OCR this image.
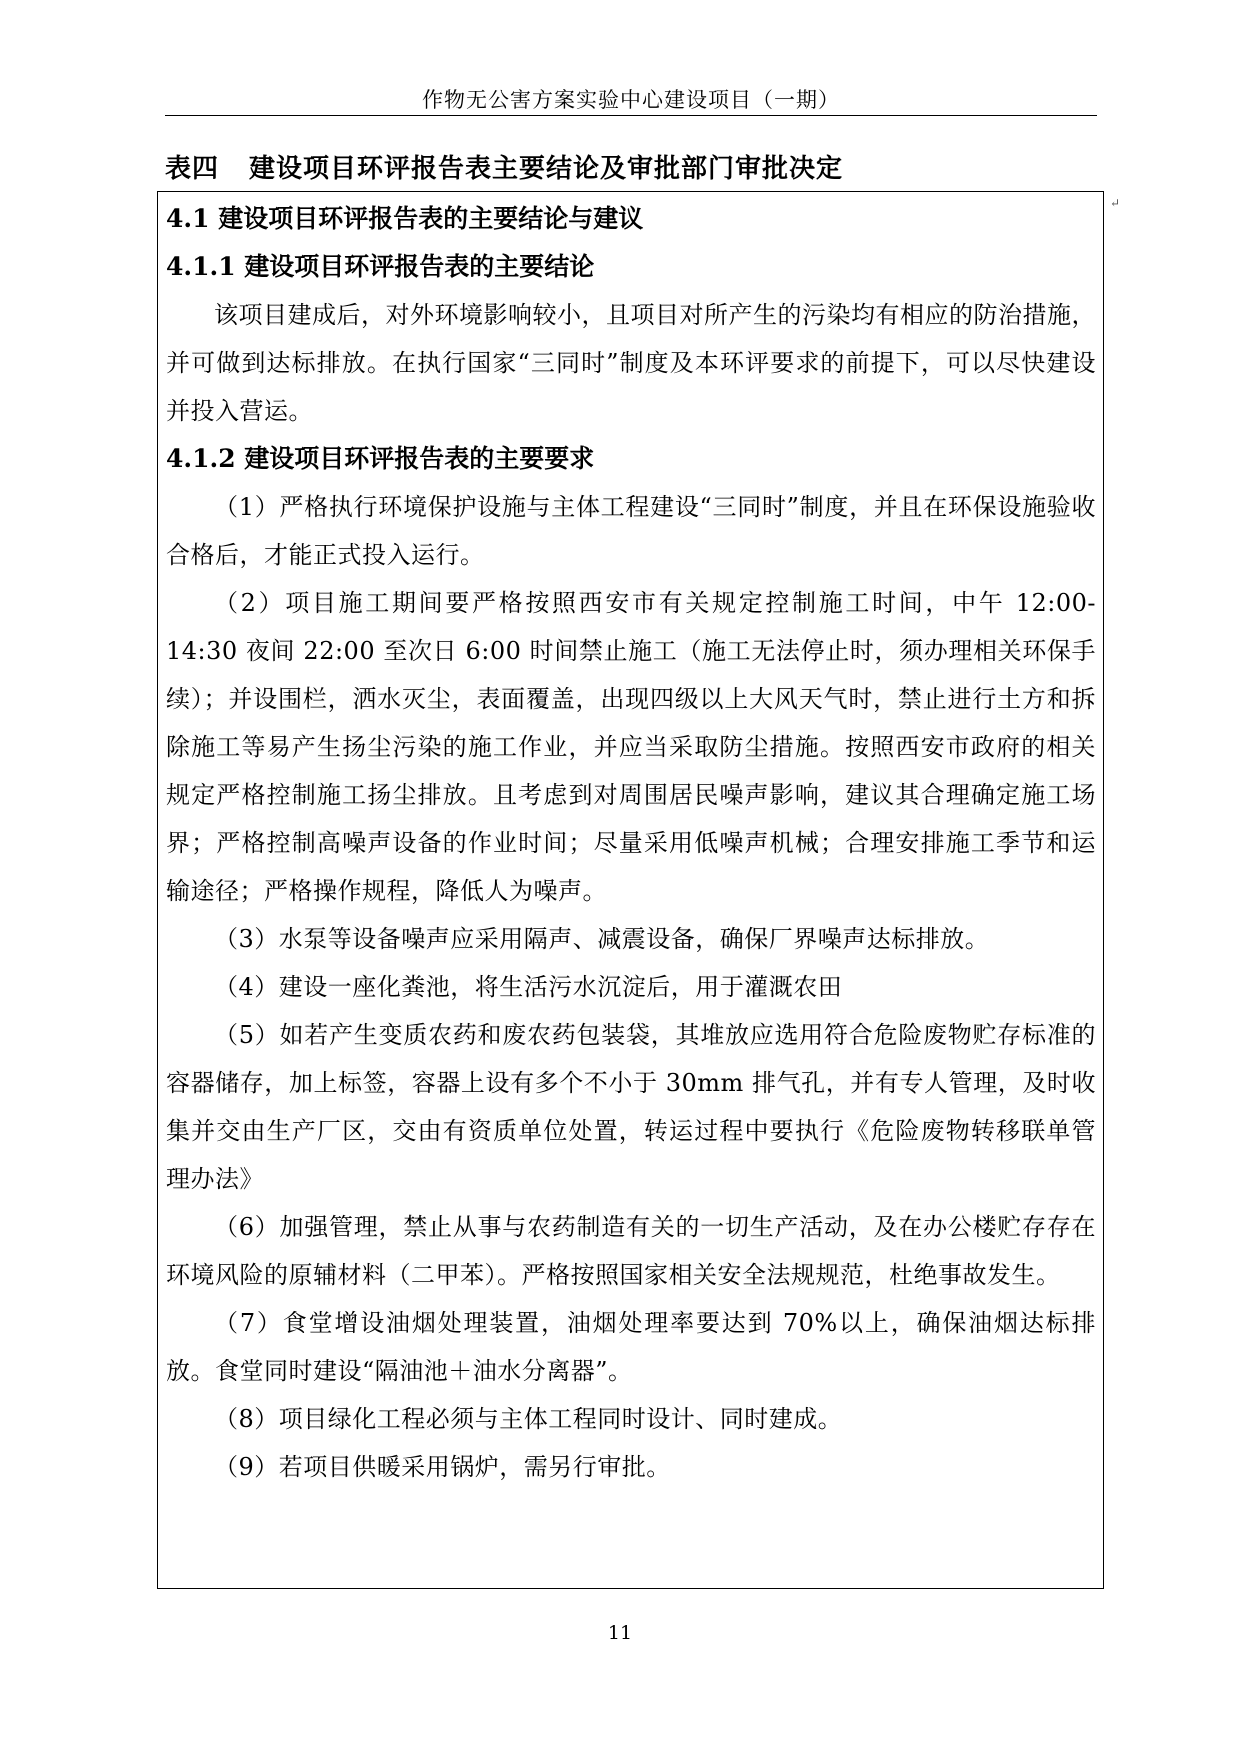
作物无公害方案实验中心建设项目（一期）
表四 建设项目环评报告表主要结论及审批部门审批决定
↵

4.1 建设项目环评报告表的主要结论与建议

4.1.1 建设项目环评报告表的主要结论

该项目建成后，对外环境影响较小，且项目对所产生的污染均有相应的防治措施，并可做到达标排放。在执行国家“三同时”制度及本环评要求的前提下，可以尽快建设并投入营运。

4.1.2 建设项目环评报告表的主要要求

（1）严格执行环境保护设施与主体工程建设“三同时”制度，并且在环保设施验收合格后，才能正式投入运行。

（2）项目施工期间要严格按照西安市有关规定控制施工时间，中午 12:00-14:30 夜间 22:00 至次日 6:00 时间禁止施工（施工无法停止时，须办理相关环保手续）；并设围栏，洒水灭尘，表面覆盖，出现四级以上大风天气时，禁止进行土方和拆除施工等易产生扬尘污染的施工作业，并应当采取防尘措施。按照西安市政府的相关规定严格控制施工扬尘排放。且考虑到对周围居民噪声影响，建议其合理确定施工场界；严格控制高噪声设备的作业时间；尽量采用低噪声机械；合理安排施工季节和运输途径；严格操作规程，降低人为噪声。

（3）水泵等设备噪声应采用隔声、减震设备，确保厂界噪声达标排放。

（4）建设一座化粪池，将生活污水沉淀后，用于灌溉农田

（5）如若产生变质农药和废农药包装袋，其堆放应选用符合危险废物贮存标准的容器储存，加上标签，容器上设有多个不小于 30mm 排气孔，并有专人管理，及时收集并交由生产厂区，交由有资质单位处置，转运过程中要执行《危险废物转移联单管理办法》

（6）加强管理，禁止从事与农药制造有关的一切生产活动，及在办公楼贮存存在环境风险的原辅材料（二甲苯）。严格按照国家相关安全法规规范，杜绝事故发生。

（7）食堂增设油烟处理装置，油烟处理率要达到 70%以上，确保油烟达标排放。食堂同时建设“隔油池＋油水分离器”。

（8）项目绿化工程必须与主体工程同时设计、同时建成。

（9）若项目供暖采用锅炉，需另行审批。

11
